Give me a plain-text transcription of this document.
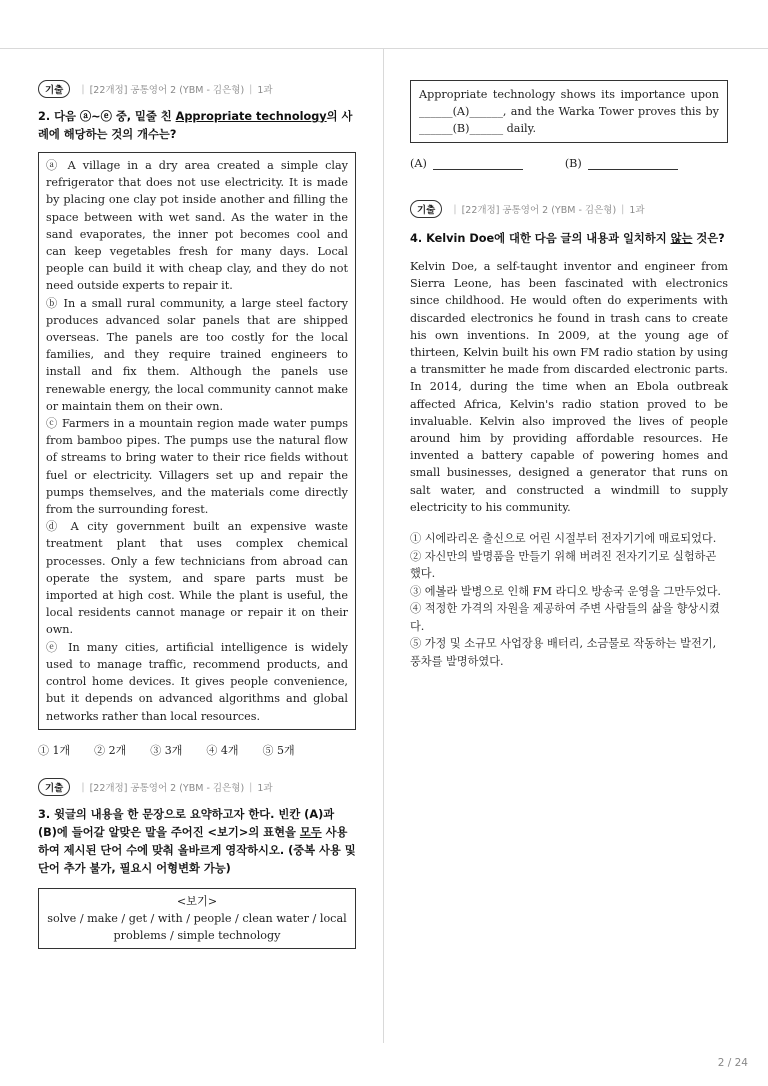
기출	| [22개정] 공통영어 2 (YBM - 김은형) | 1과
2. 다음 ⓐ~ⓔ 중, 밑줄 친 Appropriate technology의 사례에 해당하는 것의 개수는?

ⓐ A village in a dry area created a simple clay refrigerator that does not use electricity. It is made by placing one clay pot inside another and filling the space between with wet sand. As the water in the sand evaporates, the inner pot becomes cool and can keep vegetables fresh for many days. Local people can build it with cheap clay, and they do not need outside experts to repair it.

ⓑ In a small rural community, a large steel factory produces advanced solar panels that are shipped overseas. The panels are too costly for the local families, and they require trained engineers to install and fix them. Although the panels use renewable energy, the local community cannot make or maintain them on their own.

ⓒ Farmers in a mountain region made water pumps from bamboo pipes. The pumps use the natural flow of streams to bring water to their rice fields without fuel or electricity. Villagers set up and repair the pumps themselves, and the materials come directly from the surrounding forest.

ⓓ A city government built an expensive waste treatment plant that uses complex chemical processes. Only a few technicians from abroad can operate the system, and spare parts must be imported at high cost. While the plant is useful, the local residents cannot manage or repair it on their own.

ⓔ In many cities, artificial intelligence is widely used to manage traffic, recommend products, and control home devices. It gives people convenience, but it depends on advanced algorithms and global networks rather than local resources.

① 1개 ② 2개 ③ 3개 ④ 4개 ⑤ 5개
기출	| [22개정] 공통영어 2 (YBM - 김은형) | 1과
3. 윗글의 내용을 한 문장으로 요약하고자 한다. 빈칸 (A)과 (B)에 들어갈 알맞은 말을 주어진 <보기>의 표현을 모두 사용하여 제시된 단어 수에 맞춰 올바르게 영작하시오. (중복 사용 및 단어 추가 불가, 필요시 어형변화 가능)
<보기>
solve / make / get / with / people / clean water / local problems / simple technology
Appropriate technology shows its importance upon ______(A)______, and the Warka Tower proves this by ______(B)______ daily.
(A)	(B)
기출	| [22개정] 공통영어 2 (YBM - 김은형) | 1과
4. Kelvin Doe에 대한 다음 글의 내용과 일치하지 않는 것은?
Kelvin Doe, a self-taught inventor and engineer from Sierra Leone, has been fascinated with electronics since childhood. He would often do experiments with discarded electronics he found in trash cans to create his own inventions. In 2009, at the young age of thirteen, Kelvin built his own FM radio station by using a transmitter he made from discarded electronic parts. In 2014, during the time when an Ebola outbreak affected Africa, Kelvin's radio station proved to be invaluable. Kelvin also improved the lives of people around him by providing affordable resources. He invented a battery capable of powering homes and small businesses, designed a generator that runs on salt water, and constructed a windmill to supply electricity to his community.
① 시에라리온 출신으로 어린 시절부터 전자기기에 매료되었다.
② 자신만의 발명품을 만들기 위해 버려진 전자기기로 실험하곤 했다.
③ 에볼라 발병으로 인해 FM 라디오 방송국 운영을 그만두었다.
④ 적정한 가격의 자원을 제공하여 주변 사람들의 삶을 향상시켰다.
⑤ 가정 및 소규모 사업장용 배터리, 소금물로 작동하는 발전기, 풍차를 발명하였다.
2 / 24
